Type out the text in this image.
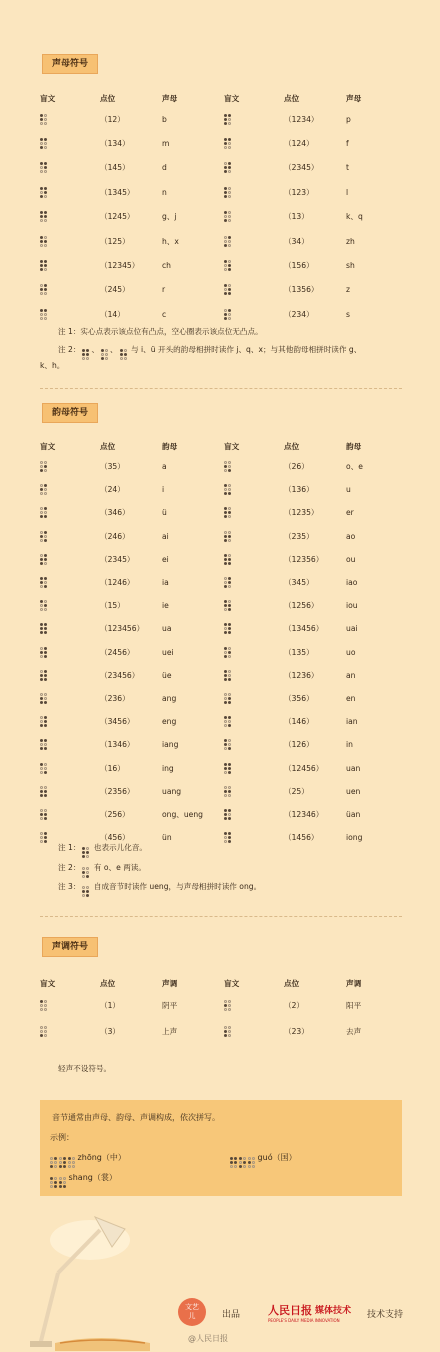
声母符号
盲文	点位	声母	盲文	点位	声母

	（12）	b		（1234）	p

	（134）	m		（124）	f

	（145）	d		（2345）	t

	（1345）	n		（123）	l

	（1245）	g、j		（13）	k、q

	（125）	h、x		（34）	zh

	（12345）	ch		（156）	sh

	（245）	r		（1356）	z

	（14）	c		（234）	s
注 1：实心点表示该点位有凸点，空心圈表示该点位无凸点。
注 2： 、 、 与 i、ü 开头的韵母相拼时读作 j、q、x；与其他韵母相拼时读作 g、
k、h。
韵母符号
盲文	点位	韵母	盲文	点位	韵母

	（35）	a		（26）	o、e

	（24）	i		（136）	u

	（346）	ü		（1235）	er

	（246）	ai		（235）	ao

	（2345）	ei		（12356）	ou

	（1246）	ia		（345）	iao

	（15）	ie		（1256）	iou

	（123456）	ua		（13456）	uai

	（2456）	uei		（135）	uo

	（23456）	üe		（1236）	an

	（236）	ang		（356）	en

	（3456）	eng		（146）	ian

	（1346）	iang		（126）	in

	（16）	ing		（12456）	uan

	（2356）	uang		（25）	uen

	（256）	ong、ueng		（12346）	üan

	（456）	ün		（1456）	iong
注 1： 也表示儿化音。
注 2： 有 o、e 两读。
注 3： 自成音节时读作 ueng，与声母相拼时读作 ong。
声调符号
盲文	点位	声调	盲文	点位	声调

	（1）	阴平		（2）	阳平

	（3）	上声		（23）	去声
轻声不设符号。
音节通常由声母、韵母、声调构成，依次拼写。
示例：
zhōng（中）	guó（国）
shang（裳）
文艺
儿	出品	人民日报 媒体技术
PEOPLE'S DAILY MEDIA INNOVATION
技术支持
@人民日报
